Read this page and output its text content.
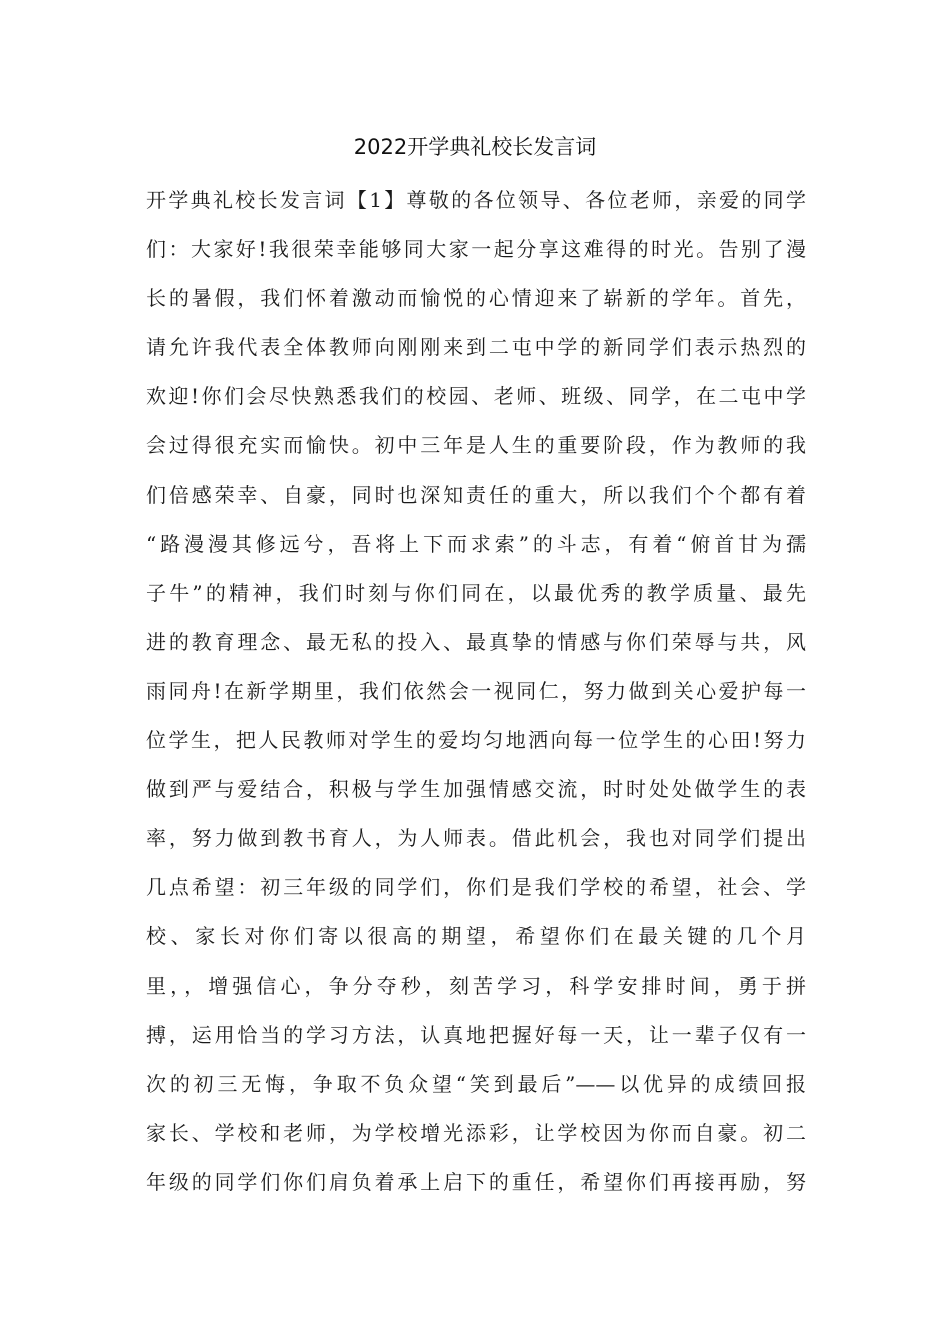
2022开学典礼校长发言词
开学典礼校长发言词【1】尊敬的各位领导、各位老师，亲爱的同学
们：大家好!我很荣幸能够同大家一起分享这难得的时光。告别了漫
长的暑假，我们怀着激动而愉悦的心情迎来了崭新的学年。首先，
请允许我代表全体教师向刚刚来到二屯中学的新同学们表示热烈的
欢迎!你们会尽快熟悉我们的校园、老师、班级、同学，在二屯中学
会过得很充实而愉快。初中三年是人生的重要阶段，作为教师的我
们倍感荣幸、自豪，同时也深知责任的重大，所以我们个个都有着
“路漫漫其修远兮，吾将上下而求索”的斗志，有着“俯首甘为孺
子牛”的精神，我们时刻与你们同在，以最优秀的教学质量、最先
进的教育理念、最无私的投入、最真挚的情感与你们荣辱与共，风
雨同舟!在新学期里，我们依然会一视同仁，努力做到关心爱护每一
位学生，把人民教师对学生的爱均匀地洒向每一位学生的心田!努力
做到严与爱结合，积极与学生加强情感交流，时时处处做学生的表
率，努力做到教书育人，为人师表。借此机会，我也对同学们提出
几点希望：初三年级的同学们，你们是我们学校的希望，社会、学
校、家长对你们寄以很高的期望，希望你们在最关键的几个月
里，，增强信心，争分夺秒，刻苦学习，科学安排时间，勇于拼
搏，运用恰当的学习方法，认真地把握好每一天，让一辈子仅有一
次的初三无悔，争取不负众望“笑到最后”——以优异的成绩回报
家长、学校和老师，为学校增光添彩，让学校因为你而自豪。初二
年级的同学们你们肩负着承上启下的重任，希望你们再接再励，努
